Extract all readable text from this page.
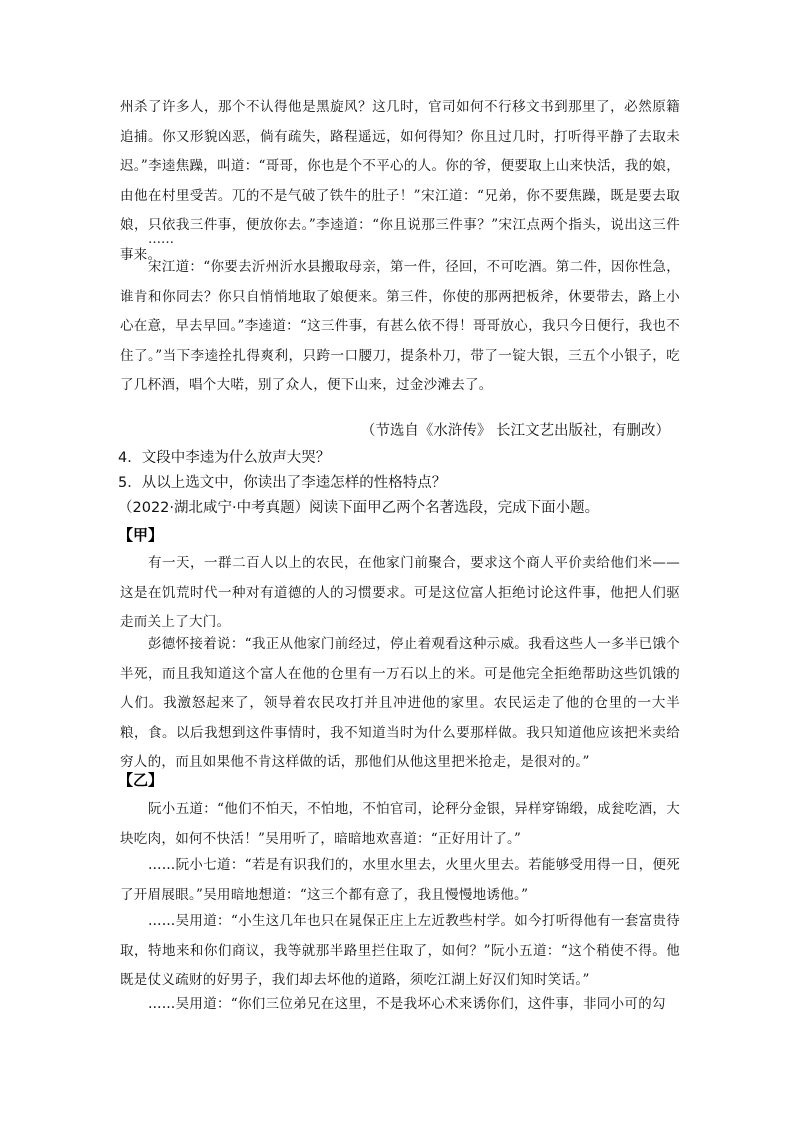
州杀了许多人，那个不认得他是黑旋风？这几时，官司如何不行移文书到那里了，必然原籍追捕。你又形貌凶恶，倘有疏失，路程遥远，如何得知？你且过几时，打听得平静了去取未迟。”李逵焦躁，叫道：“哥哥，你也是个不平心的人。你的爷，便要取上山来快活，我的娘，由他在村里受苦。兀的不是气破了铁牛的肚子！”宋江道：“兄弟，你不要焦躁，既是要去取娘，只依我三件事，便放你去。”李逵道：“你且说那三件事？”宋江点两个指头，说出这三件事来。
……
宋江道：“你要去沂州沂水县搬取母亲，第一件，径回，不可吃酒。第二件，因你性急，谁肯和你同去？你只自悄悄地取了娘便来。第三件，你使的那两把板斧，休要带去，路上小心在意，早去早回。”李逵道：“这三件事，有甚么依不得！哥哥放心，我只今日便行，我也不住了。”当下李逵拴扎得爽利，只跨一口腰刀，提条朴刀，带了一锭大银，三五个小银子，吃了几杯酒，唱个大喏，别了众人，便下山来，过金沙滩去了。
（节选自《水浒传》 长江文艺出版社，有删改）
4．文段中李逵为什么放声大哭？
5．从以上选文中，你读出了李逵怎样的性格特点？
（2022·湖北咸宁·中考真题）阅读下面甲乙两个名著选段，完成下面小题。
【甲】
有一天，一群二百人以上的农民，在他家门前聚合，要求这个商人平价卖给他们米——这是在饥荒时代一种对有道德的人的习惯要求。可是这位富人拒绝讨论这件事，他把人们驱走而关上了大门。
彭德怀接着说：“我正从他家门前经过，停止着观看这种示威。我看这些人一多半已饿个半死，而且我知道这个富人在他的仓里有一万石以上的米。可是他完全拒绝帮助这些饥饿的人们。我激怒起来了，领导着农民攻打并且冲进他的家里。农民运走了他的仓里的一大半粮，食。以后我想到这件事情时，我不知道当时为什么要那样做。我只知道他应该把米卖给穷人的，而且如果他不肯这样做的话，那他们从他这里把米抢走，是很对的。”
【乙】
阮小五道：“他们不怕天，不怕地，不怕官司，论秤分金银，异样穿锦缎，成瓮吃酒，大块吃肉，如何不快活！”吴用听了，暗暗地欢喜道：“正好用计了。”
……阮小七道：“若是有识我们的，水里水里去，火里火里去。若能够受用得一日，便死了开眉展眼。”吴用暗地想道：“这三个都有意了，我且慢慢地诱他。”
……吴用道：“小生这几年也只在晁保正庄上左近教些村学。如今打听得他有一套富贵待取，特地来和你们商议，我等就那半路里拦住取了，如何？”阮小五道：“这个稍使不得。他既是仗义疏财的好男子，我们却去坏他的道路，须吃江湖上好汉们知时笑话。”
……吴用道：“你们三位弟兄在这里，不是我坏心术来诱你们，这件事，非同小可的勾
